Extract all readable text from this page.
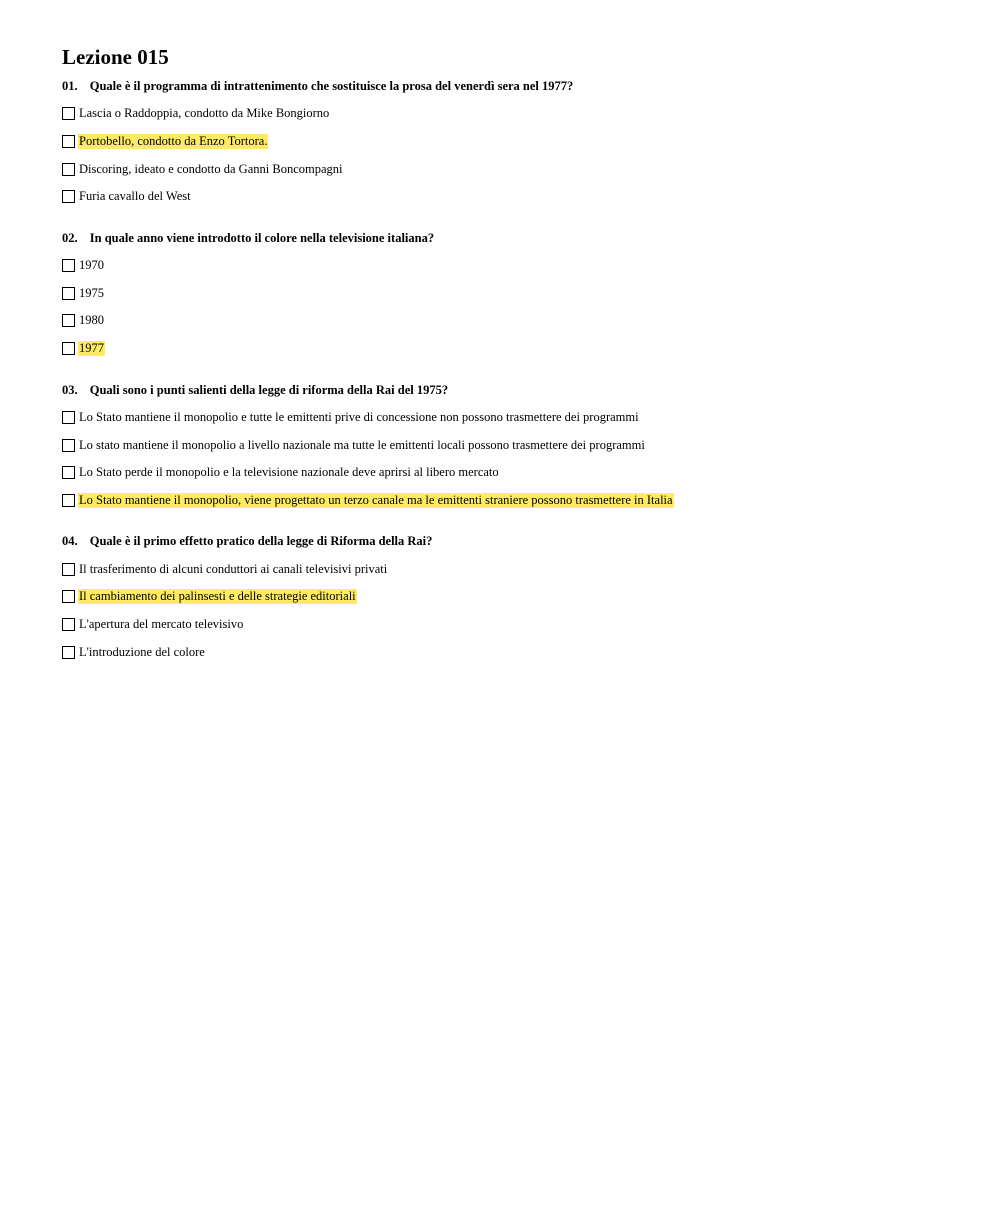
Lezione 015
01. Quale è il programma di intrattenimento che sostituisce la prosa del venerdì sera nel 1977?
Lascia o Raddoppia, condotto da Mike Bongiorno
Portobello, condotto da Enzo Tortora.
Discoring, ideato e condotto da Ganni Boncompagni
Furia cavallo del West
02. In quale anno viene introdotto il colore nella televisione italiana?
1970
1975
1980
1977
03. Quali sono i punti salienti della legge di riforma della Rai del 1975?
Lo Stato mantiene il monopolio e tutte le emittenti prive di concessione non possono trasmettere dei programmi
Lo stato mantiene il monopolio a livello nazionale ma tutte le emittenti locali possono trasmettere dei programmi
Lo Stato perde il monopolio e la televisione nazionale deve aprirsi al libero mercato
Lo Stato mantiene il monopolio, viene progettato un terzo canale ma le emittenti straniere possono trasmettere in Italia
04. Quale è il primo effetto pratico della legge di Riforma della Rai?
Il trasferimento di alcuni conduttori ai canali televisivi privati
Il cambiamento dei palinsesti e delle strategie editoriali
L'apertura del mercato televisivo
L'introduzione del colore
